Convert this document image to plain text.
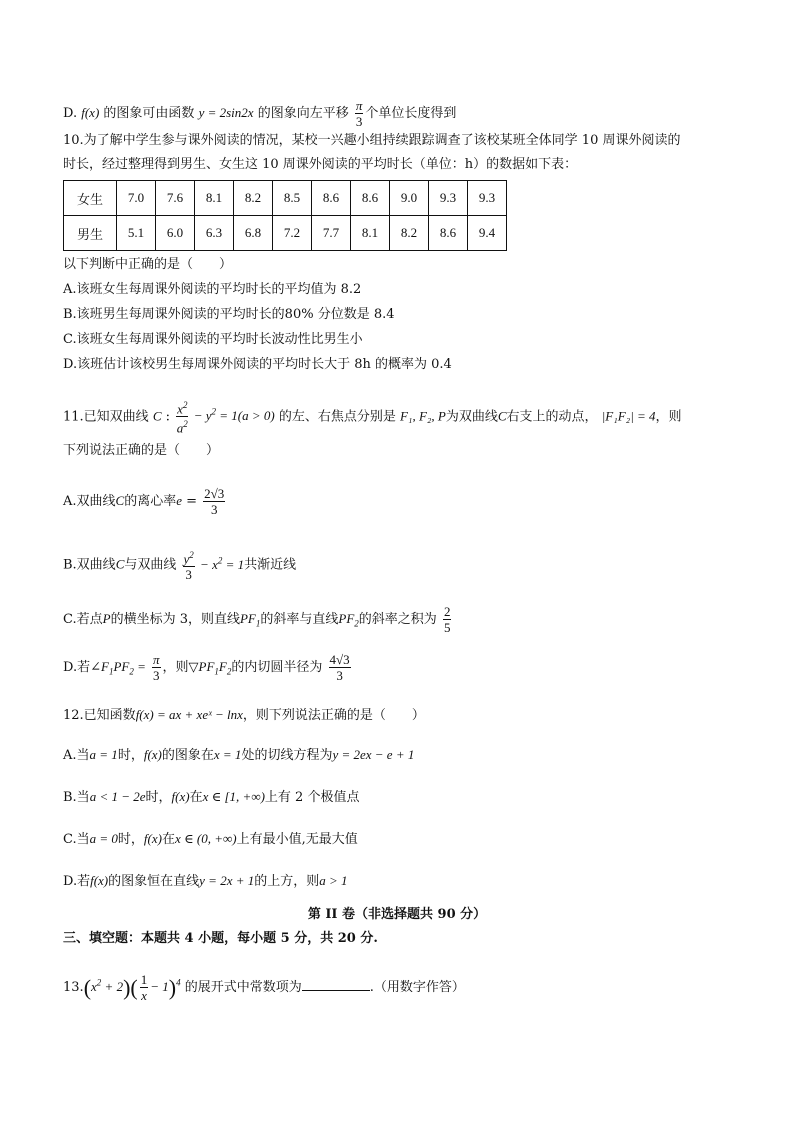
D. f(x) 的图象可由函数 y = 2sin2x 的图象向左平移 $\frac{\pi}{3}$ 个单位长度得到
10.为了解中学生参与课外阅读的情况，某校一兴趣小组持续跟踪调查了该校某班全体同学 10 周课外阅读的
时长，经过整理得到男生、女生这 10 周课外阅读的平均时长（单位：h）的数据如下表：
女生	7.0	7.6	8.1	8.2	8.5	8.6	8.6	9.0	9.3	9.3
男生	5.1	6.0	6.3	6.8	7.2	7.7	8.1	8.2	8.6	9.4
以下判断中正确的是（　　）
A.该班女生每周课外阅读的平均时长的平均值为 8.2
B.该班男生每周课外阅读的平均时长的80% 分位数是 8.4
C.该班女生每周课外阅读的平均时长波动性比男生小
D.该班估计该校男生每周课外阅读的平均时长大于 8h 的概率为 0.4
11.已知双曲线 C : $\frac{x^2}{a^2} - y^2 = 1(a > 0)$ 的左、右焦点分别是 F₁, F₂, P为双曲线C右支上的动点， |F₁F₂| = 4，则
下列说法正确的是（　　）
A.双曲线C的离心率$e = \frac{2√3}{3}$
B.双曲线C与双曲线 $\frac{y^2}{3} - x^2 = 1$共渐近线
C.若点P的横坐标为 3，则直线$PF_1$的斜率与直线$PF_2$的斜率之积为 $\frac{2}{5}$
D.若$\angle F_1PF_2 = \frac{\pi}{3}$ ，则$▽PF_1F_2$的内切圆半径为 $\frac{4√3}{3}$
12.已知函数f(x) = ax + xeˣ − lnx，则下列说法正确的是（　　）
A.当a = 1时，f(x)的图象在x = 1处的切线方程为y = 2ex − e + 1
B.当a < 1 − 2e时，f(x)在x ∈ [1, +∞)上有 2 个极值点
C.当a = 0时，f(x)在x ∈ (0, +∞)上有最小值,无最大值
D.若f(x)的图象恒在直线y = 2x + 1的上方，则a > 1
第 II 卷（非选择题共 90 分）
三、填空题：本题共 4 小题，每小题 5 分，共 20 分.
$13.(x^2 + 2)( \frac{1}{x} - 1)^4$ 的展开式中常数项为	.（用数字作答）
